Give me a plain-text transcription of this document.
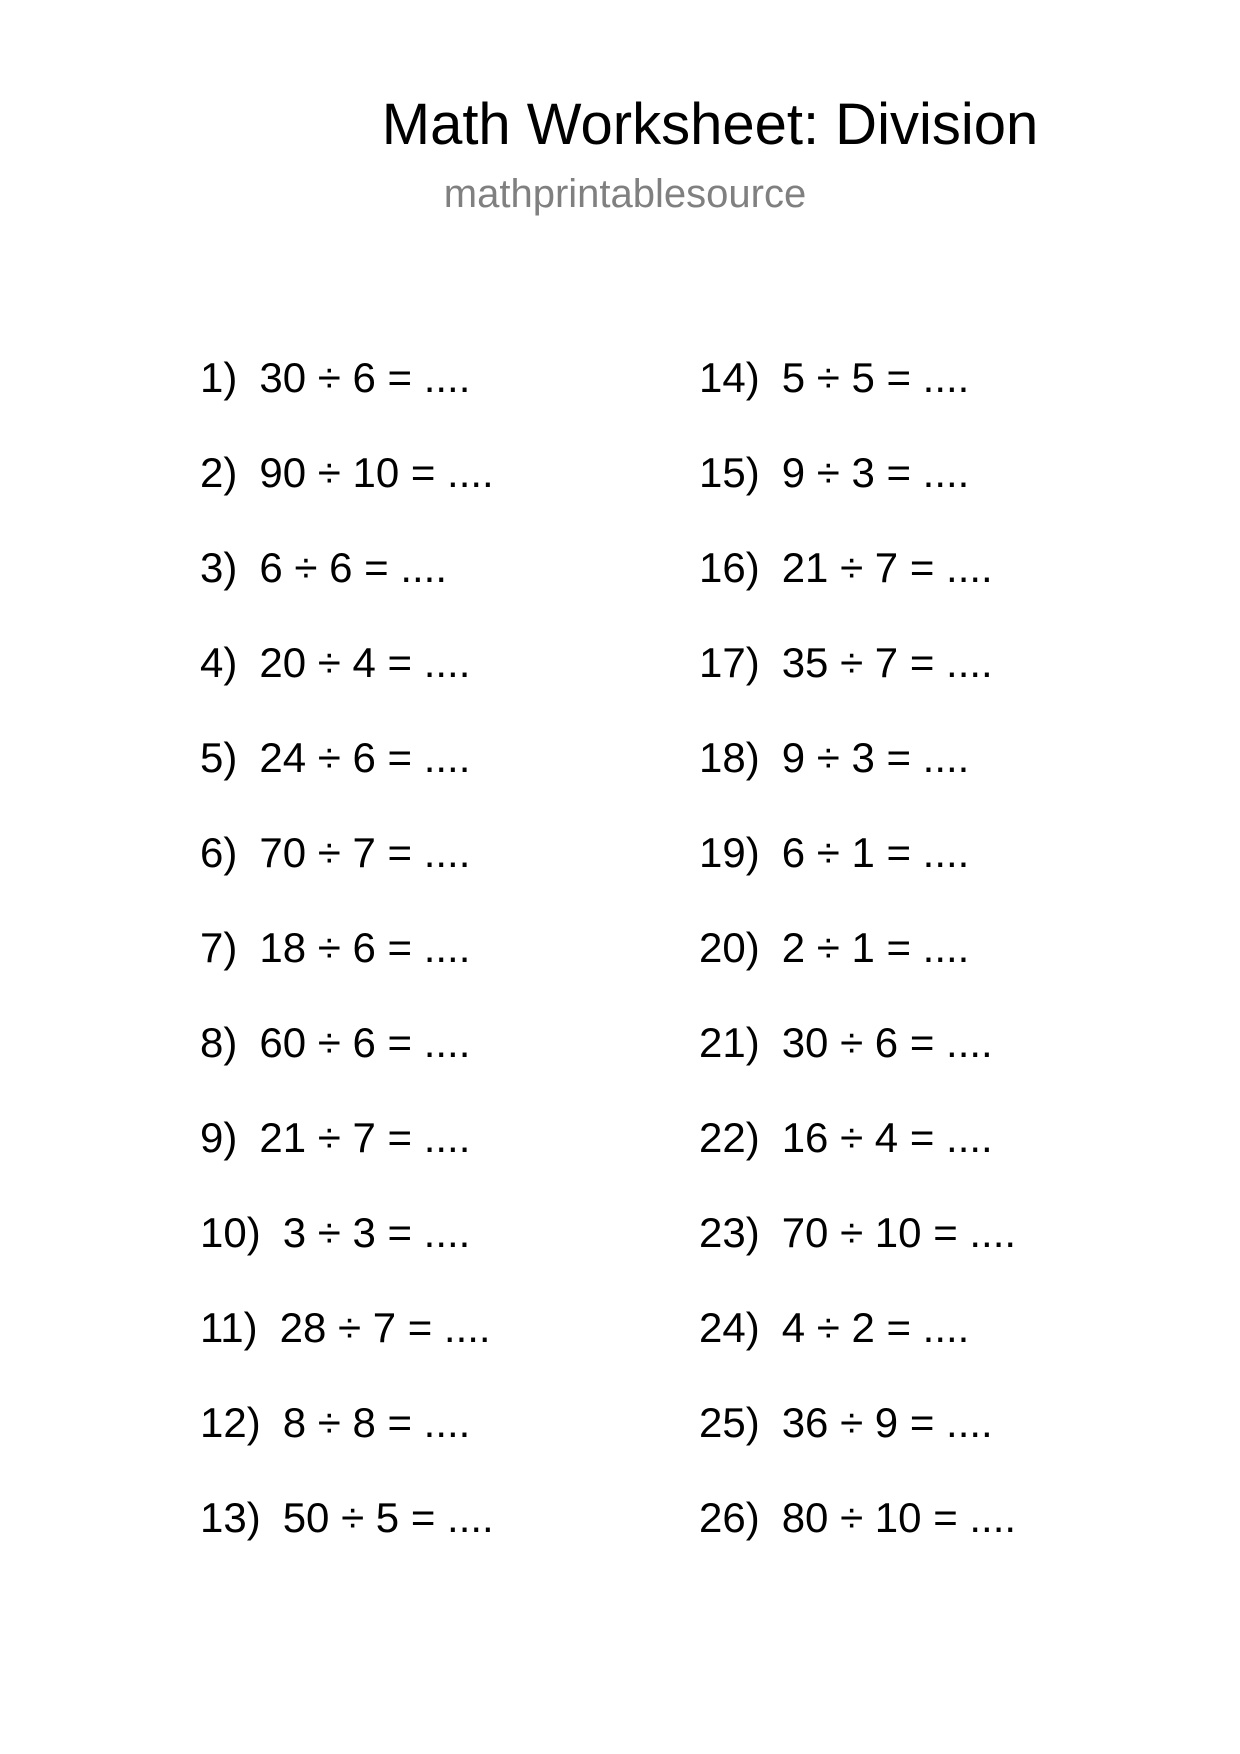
Math Worksheet: Division
mathprintablesource
1) 30 ÷ 6 = ....
2) 90 ÷ 10 = ....
3) 6 ÷ 6 = ....
4) 20 ÷ 4 = ....
5) 24 ÷ 6 = ....
6) 70 ÷ 7 = ....
7) 18 ÷ 6 = ....
8) 60 ÷ 6 = ....
9) 21 ÷ 7 = ....
10) 3 ÷ 3 = ....
11) 28 ÷ 7 = ....
12) 8 ÷ 8 = ....
13) 50 ÷ 5 = ....
14) 5 ÷ 5 = ....
15) 9 ÷ 3 = ....
16) 21 ÷ 7 = ....
17) 35 ÷ 7 = ....
18) 9 ÷ 3 = ....
19) 6 ÷ 1 = ....
20) 2 ÷ 1 = ....
21) 30 ÷ 6 = ....
22) 16 ÷ 4 = ....
23) 70 ÷ 10 = ....
24) 4 ÷ 2 = ....
25) 36 ÷ 9 = ....
26) 80 ÷ 10 = ....
